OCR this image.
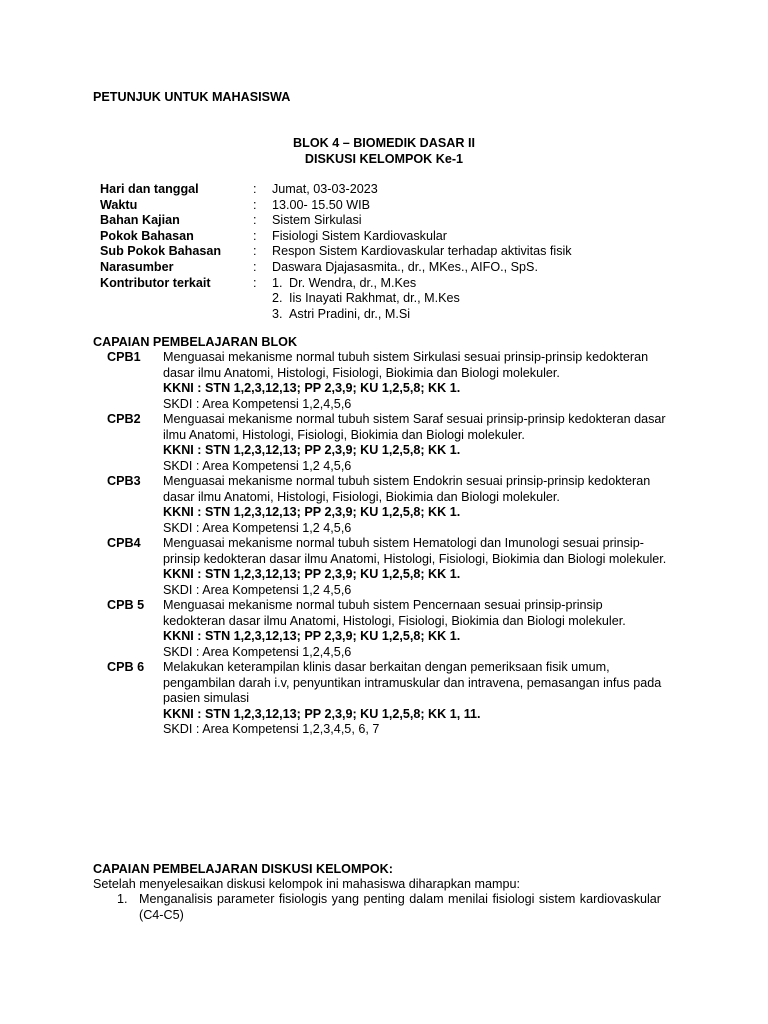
PETUNJUK UNTUK MAHASISWA
BLOK 4 – BIOMEDIK DASAR II
DISKUSI KELOMPOK Ke-1
Hari dan tanggal	:	Jumat, 03-03-2023
Waktu	:	13.00- 15.50 WIB
Bahan Kajian	:	Sistem Sirkulasi
Pokok Bahasan	:	Fisiologi Sistem Kardiovaskular
Sub Pokok Bahasan	:	Respon Sistem Kardiovaskular terhadap aktivitas fisik
Narasumber	:	Daswara Djajasasmita., dr., MKes., AIFO., SpS.
Kontributor terkait	:	1. Dr. Wendra, dr., M.Kes
2. Iis Inayati Rakhmat, dr., M.Kes
3. Astri Pradini, dr., M.Si
CAPAIAN PEMBELAJARAN BLOK
CPB1	Menguasai mekanisme normal tubuh sistem Sirkulasi sesuai prinsip-prinsip kedokteran dasar ilmu Anatomi, Histologi, Fisiologi, Biokimia dan Biologi molekuler.
KKNI : STN 1,2,3,12,13; PP 2,3,9; KU 1,2,5,8; KK 1.
SKDI : Area Kompetensi 1,2,4,5,6
CPB2	Menguasai mekanisme normal tubuh sistem Saraf sesuai prinsip-prinsip kedokteran dasar ilmu Anatomi, Histologi, Fisiologi, Biokimia dan Biologi molekuler.
KKNI : STN 1,2,3,12,13; PP 2,3,9; KU 1,2,5,8; KK 1.
SKDI : Area Kompetensi 1,2 4,5,6
CPB3	Menguasai mekanisme normal tubuh sistem Endokrin sesuai prinsip-prinsip kedokteran dasar ilmu Anatomi, Histologi, Fisiologi, Biokimia dan Biologi molekuler.
KKNI : STN 1,2,3,12,13; PP 2,3,9; KU 1,2,5,8; KK 1.
SKDI : Area Kompetensi 1,2 4,5,6
CPB4	Menguasai mekanisme normal tubuh sistem Hematologi dan Imunologi sesuai prinsip-prinsip kedokteran dasar ilmu Anatomi, Histologi, Fisiologi, Biokimia dan Biologi molekuler.
KKNI : STN 1,2,3,12,13; PP 2,3,9; KU 1,2,5,8; KK 1.
SKDI : Area Kompetensi 1,2 4,5,6
CPB 5	Menguasai mekanisme normal tubuh sistem Pencernaan sesuai prinsip-prinsip kedokteran dasar ilmu Anatomi, Histologi, Fisiologi, Biokimia dan Biologi molekuler.
KKNI : STN 1,2,3,12,13; PP 2,3,9; KU 1,2,5,8; KK 1.
SKDI : Area Kompetensi 1,2,4,5,6
CPB 6	Melakukan keterampilan klinis dasar berkaitan dengan pemeriksaan fisik umum, pengambilan darah i.v, penyuntikan intramuskular dan intravena, pemasangan infus pada pasien simulasi
KKNI : STN 1,2,3,12,13; PP 2,3,9; KU 1,2,5,8; KK 1, 11.
SKDI : Area Kompetensi 1,2,3,4,5, 6, 7
CAPAIAN PEMBELAJARAN DISKUSI KELOMPOK:
Setelah menyelesaikan diskusi kelompok ini mahasiswa diharapkan mampu:
1. Menganalisis parameter fisiologis yang penting dalam menilai fisiologi sistem kardiovaskular (C4-C5)
